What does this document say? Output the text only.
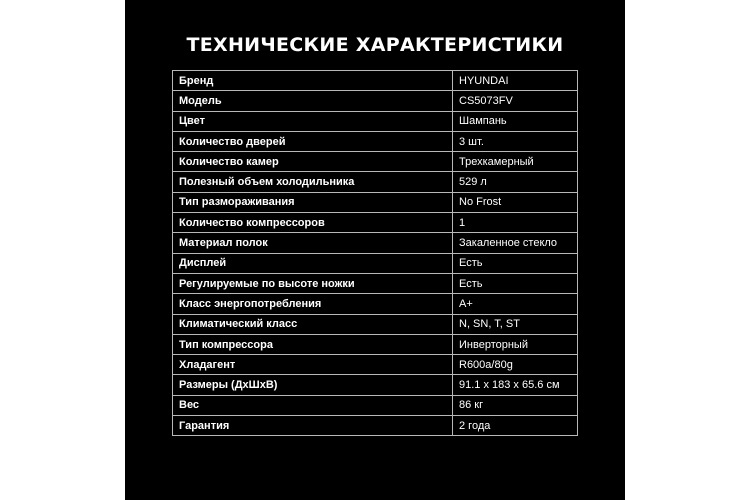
ТЕХНИЧЕСКИЕ ХАРАКТЕРИСТИКИ
Бренд	HYUNDAI
Модель	CS5073FV
Цвет	Шампань
Количество дверей	3 шт.
Количество камер	Трехкамерный
Полезный объем холодильника	529 л
Тип размораживания	No Frost
Количество компрессоров	1
Материал полок	Закаленное стекло
Дисплей	Есть
Регулируемые по высоте ножки	Есть
Класс энергопотребления	A+
Климатический класс	N, SN, T, ST
Тип компрессора	Инверторный
Хладагент	R600a/80g
Размеры (ДхШхВ)	91.1 x 183 x 65.6 см
Вес	86 кг
Гарантия	2 года
